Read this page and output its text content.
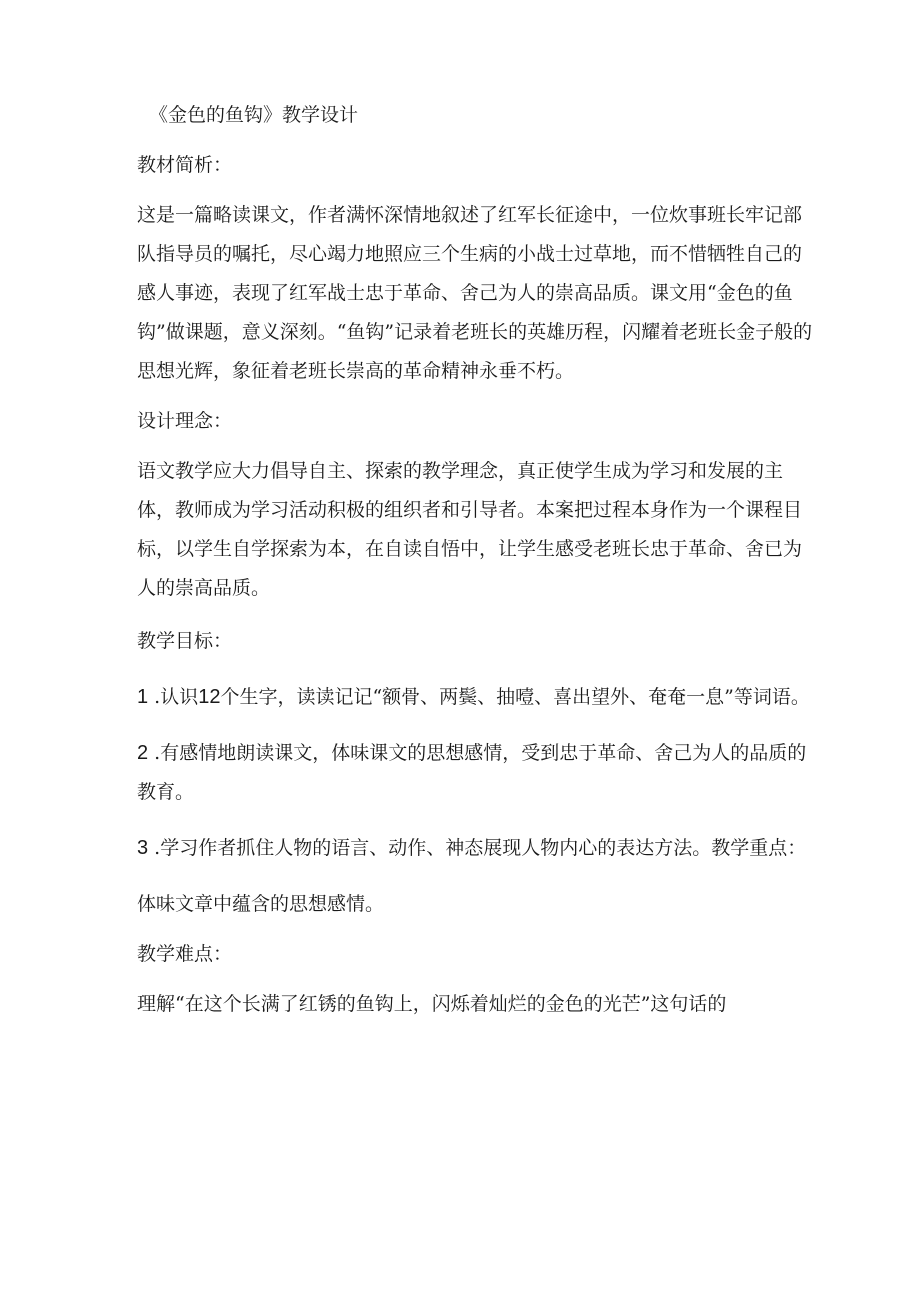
《金色的鱼钩》教学设计

教材简析：

这是一篇略读课文，作者满怀深情地叙述了红军长征途中，一位炊事班长牢记部队指导员的嘱托，尽心竭力地照应三个生病的小战士过草地，而不惜牺牲自己的感人事迹，表现了红军战士忠于革命、舍己为人的崇高品质。课文用“金色的鱼钩”做课题，意义深刻。“鱼钩”记录着老班长的英雄历程，闪耀着老班长金子般的思想光辉，象征着老班长崇高的革命精神永垂不朽。

设计理念：

语文教学应大力倡导自主、探索的教学理念，真正使学生成为学习和发展的主体，教师成为学习活动积极的组织者和引导者。本案把过程本身作为一个课程目标，以学生自学探索为本，在自读自悟中，让学生感受老班长忠于革命、舍已为人的崇高品质。

教学目标：

1 .认识12个生字，读读记记“额骨、两鬓、抽噎、喜出望外、奄奄一息”等词语。

2 .有感情地朗读课文，体味课文的思想感情，受到忠于革命、舍己为人的品质的教育。

3 .学习作者抓住人物的语言、动作、神态展现人物内心的表达方法。教学重点：

体味文章中蕴含的思想感情。

教学难点：

理解“在这个长满了红锈的鱼钩上，闪烁着灿烂的金色的光芒”这句话的
